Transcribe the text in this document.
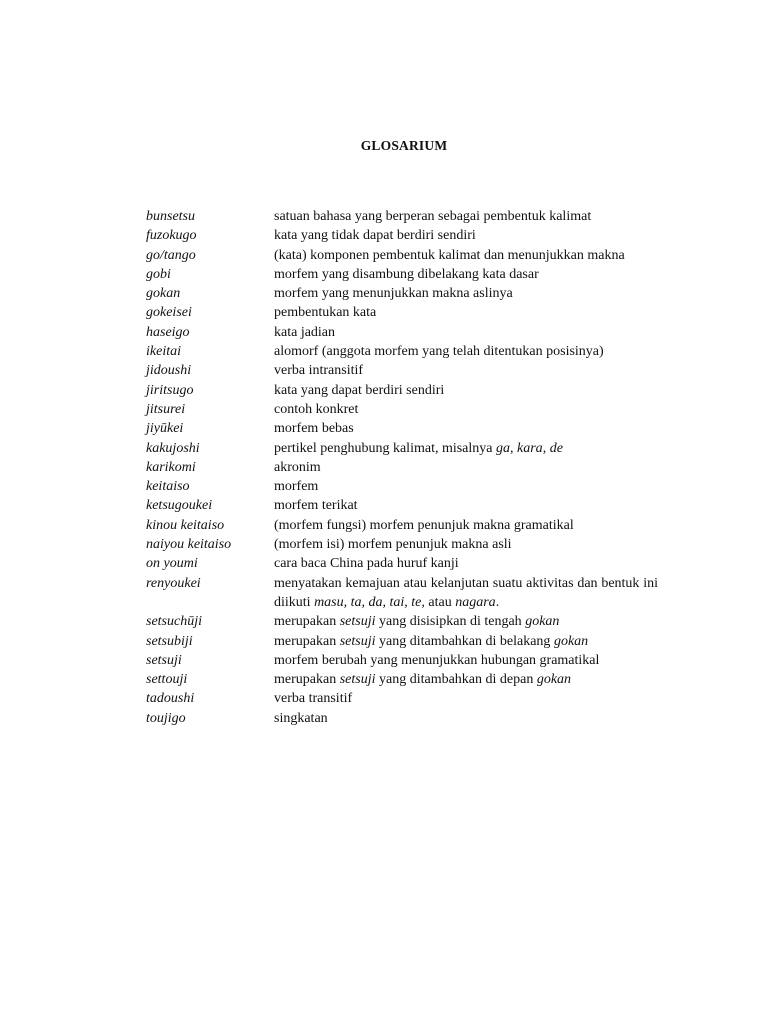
GLOSARIUM
bunsetsu	satuan bahasa yang berperan sebagai pembentuk kalimat
fuzokugo	kata yang tidak dapat berdiri sendiri
go/tango	(kata) komponen pembentuk kalimat dan menunjukkan makna
gobi	morfem yang disambung dibelakang kata dasar
gokan	morfem yang menunjukkan makna aslinya
gokeisei	pembentukan kata
haseigo	kata jadian
ikeitai	alomorf (anggota morfem yang telah ditentukan posisinya)
jidoushi	verba intransitif
jiritsugo	kata yang dapat berdiri sendiri
jitsurei	contoh konkret
jiyūkei	morfem bebas
kakujoshi	pertikel penghubung kalimat, misalnya ga, kara, de
karikomi	akronim
keitaiso	morfem
ketsugoukei	morfem terikat
kinou keitaiso	(morfem fungsi) morfem penunjuk makna gramatikal
naiyou keitaiso	(morfem isi) morfem penunjuk makna asli
on youmi	cara baca China pada huruf kanji
renyoukei	menyatakan kemajuan atau kelanjutan suatu aktivitas dan bentuk ini diikuti masu, ta, da, tai, te, atau nagara.
setsuchūji	merupakan setsuji yang disisipkan di tengah gokan
setsubiji	merupakan setsuji yang ditambahkan di belakang gokan
setsuji	morfem berubah yang menunjukkan hubungan gramatikal
settouji	merupakan setsuji yang ditambahkan di depan gokan
tadoushi	verba transitif
toujigo	singkatan
